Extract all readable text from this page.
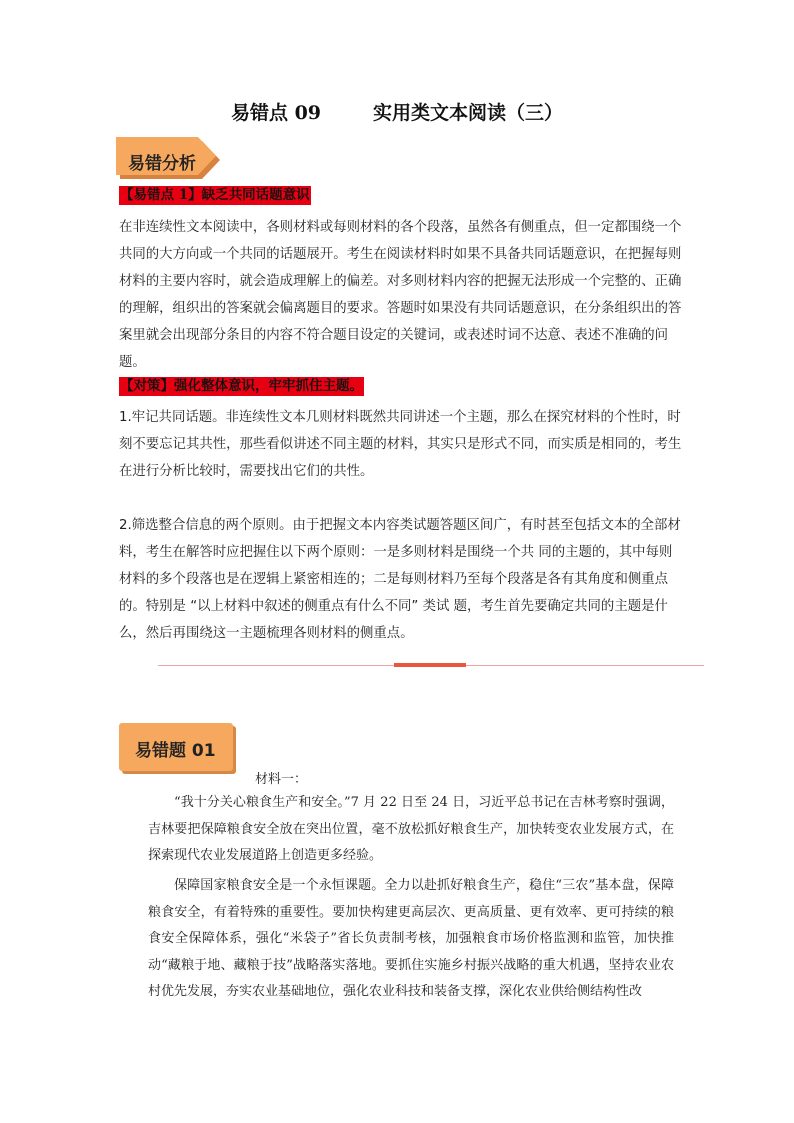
易错点 09	实用类文本阅读（三）
易错分析
【易错点 1】缺乏共同话题意识
在非连续性文本阅读中，各则材料或每则材料的各个段落，虽然各有侧重点，但一定都围绕一个共同的大方向或一个共同的话题展开。考生在阅读材料时如果不具备共同话题意识，在把握每则材料的主要内容时，就会造成理解上的偏差。对多则材料内容的把握无法形成一个完整的、正确的理解，组织出的答案就会偏离题目的要求。答题时如果没有共同话题意识，在分条组织出的答案里就会出现部分条目的内容不符合题目设定的关键词，或表述时词不达意、表述不准确的问题。
【对策】强化整体意识，牢牢抓住主题。
1.牢记共同话题。非连续性文本几则材料既然共同讲述一个主题，那么在探究材料的个性时，时刻不要忘记其共性，那些看似讲述不同主题的材料，其实只是形式不同，而实质是相同的，考生在进行分析比较时，需要找出它们的共性。
2.筛选整合信息的两个原则。由于把握文本内容类试题答题区间广，有时甚至包括文本的全部材料，考生在解答时应把握住以下两个原则：一是多则材料是围绕一个共 同的主题的，其中每则材料的多个段落也是在逻辑上紧密相连的；二是每则材料乃至每个段落是各有其角度和侧重点的。特别是 “以上材料中叙述的侧重点有什么不同” 类试 题，考生首先要确定共同的主题是什么，然后再围绕这一主题梳理各则材料的侧重点。
易错题 01
材料一：
“我十分关心粮食生产和安全。”7 月 22 日至 24 日，习近平总书记在吉林考察时强调，吉林要把保障粮食安全放在突出位置，毫不放松抓好粮食生产，加快转变农业发展方式，在探索现代农业发展道路上创造更多经验。
保障国家粮食安全是一个永恒课题。全力以赴抓好粮食生产，稳住“三农”基本盘，保障粮食安全，有着特殊的重要性。要加快构建更高层次、更高质量、更有效率、更可持续的粮食安全保障体系，强化“米袋子”省长负责制考核，加强粮食市场价格监测和监管，加快推动“藏粮于地、藏粮于技”战略落实落地。要抓住实施乡村振兴战略的重大机遇，坚持农业农村优先发展，夯实农业基础地位，强化农业科技和装备支撑，深化农业供给侧结构性改
